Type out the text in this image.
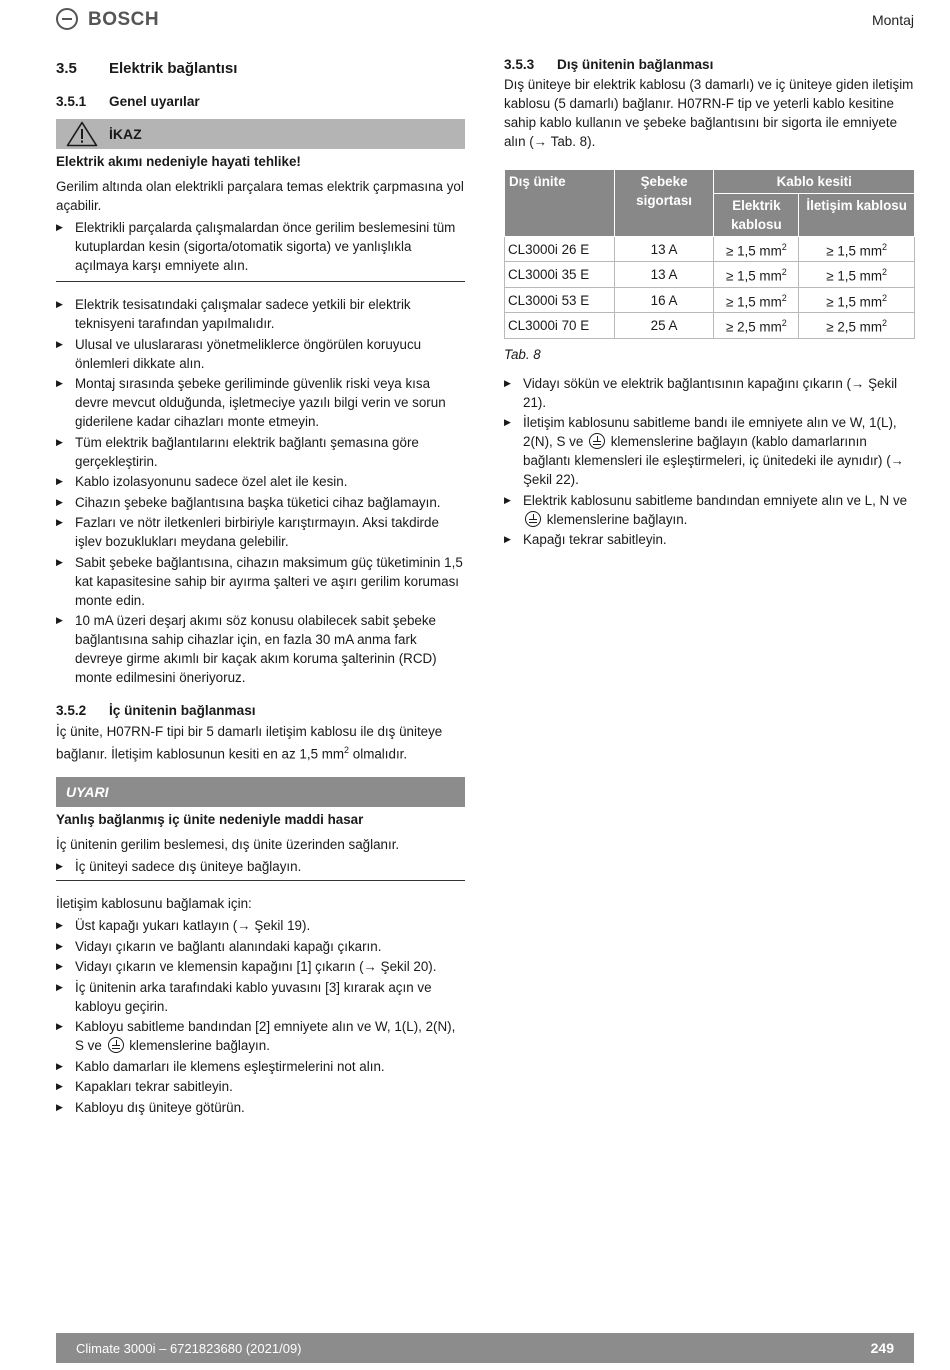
BOSCH	Montaj
3.5	Elektrik bağlantısı
3.5.1	Genel uyarılar
İKAZ
Elektrik akımı nedeniyle hayati tehlike!

Gerilim altında olan elektrikli parçalara temas elektrik çarpmasına yol açabilir.

▶ Elektrikli parçalarda çalışmalardan önce gerilim beslemesini tüm kutuplardan kesin (sigorta/otomatik sigorta) ve yanlışlıkla açılmaya karşı emniyete alın.
▶ Elektrik tesisatındaki çalışmalar sadece yetkili bir elektrik teknisyeni tarafından yapılmalıdır.
▶ Ulusal ve uluslararası yönetmeliklerce öngörülen koruyucu önlemleri dikkate alın.
▶ Montaj sırasında şebeke geriliminde güvenlik riski veya kısa devre mevcut olduğunda, işletmeciye yazılı bilgi verin ve sorun giderilene kadar cihazları monte etmeyin.
▶ Tüm elektrik bağlantılarını elektrik bağlantı şemasına göre gerçekleştirin.
▶ Kablo izolasyonunu sadece özel alet ile kesin.
▶ Cihazın şebeke bağlantısına başka tüketici cihaz bağlamayın.
▶ Fazları ve nötr iletkenleri birbiriyle karıştırmayın. Aksi takdirde işlev bozuklukları meydana gelebilir.
▶ Sabit şebeke bağlantısına, cihazın maksimum güç tüketiminin 1,5 kat kapasitesine sahip bir ayırma şalteri ve aşırı gerilim koruması monte edin.
▶ 10 mA üzeri deşarj akımı söz konusu olabilecek sabit şebeke bağlantısına sahip cihazlar için, en fazla 30 mA anma fark devreye girme akımlı bir kaçak akım koruma şalterinin (RCD) monte edilmesini öneriyoruz.
3.5.2	İç ünitenin bağlanması

İç ünite, H07RN-F tipi bir 5 damarlı iletişim kablosu ile dış üniteye bağlanır. İletişim kablosunun kesiti en az 1,5 $mm^2$ olmalıdır.

UYARI
Yanlış bağlanmış iç ünite nedeniyle maddi hasar

İç ünitenin gerilim beslemesi, dış ünite üzerinden sağlanır.

▶ İç üniteyi sadece dış üniteye bağlayın.

İletişim kablosunu bağlamak için:

▶ Üst kapağı yukarı katlayın (→ Şekil 19).
▶ Vidayı çıkarın ve bağlantı alanındaki kapağı çıkarın.
▶ Vidayı çıkarın ve klemensin kapağını [1] çıkarın (→ Şekil 20).
▶ İç ünitenin arka tarafındaki kablo yuvasını [3] kırarak açın ve kabloyu geçirin.
▶ Kabloyu sabitleme bandından [2] emniyete alın ve W, 1(L), 2(N), S ve  klemenslerine bağlayın.
▶ Kablo damarları ile klemens eşleştirmelerini not alın.
▶ Kapakları tekrar sabitleyin.
▶ Kabloyu dış üniteye götürün.
3.5.3	Dış ünitenin bağlanması

Dış üniteye bir elektrik kablosu (3 damarlı) ve iç üniteye giden iletişim kablosu (5 damarlı) bağlanır. H07RN-F tip ve yeterli kablo kesitine sahip kablo kullanın ve şebeke bağlantısını bir sigorta ile emniyete alın (→ Tab. 8).

Dış ünite	Şebeke sigortası	Kablo kesiti	
		Elektrik kablosu	İletişim kablosu
CL3000i 26 E	13 A	≥ 1,5 $mm^2$	≥ 1,5 $mm^2$
CL3000i 35 E	13 A	≥ 1,5 $mm^2$	≥ 1,5 $mm^2$
CL3000i 53 E	16 A	≥ 1,5 $mm^2$	≥ 1,5 $mm^2$
CL3000i 70 E	25 A	≥ 2,5 $mm^2$	≥ 2,5 $mm^2$
Tab. 8
▶ Vidayı sökün ve elektrik bağlantısının kapağını çıkarın (→ Şekil 21).
▶ İletişim kablosunu sabitleme bandı ile emniyete alın ve W, 1(L), 2(N), S ve  klemenslerine bağlayın (kablo damarlarının bağlantı klemensleri ile eşleştirmeleri, iç ünitedeki ile aynıdır) (→ Şekil 22).
▶ Elektrik kablosunu sabitleme bandından emniyete alın ve L, N ve  klemenslerine bağlayın.
▶ Kapağı tekrar sabitleyin.
Climate 3000i – 6721823680 (2021/09)	249
